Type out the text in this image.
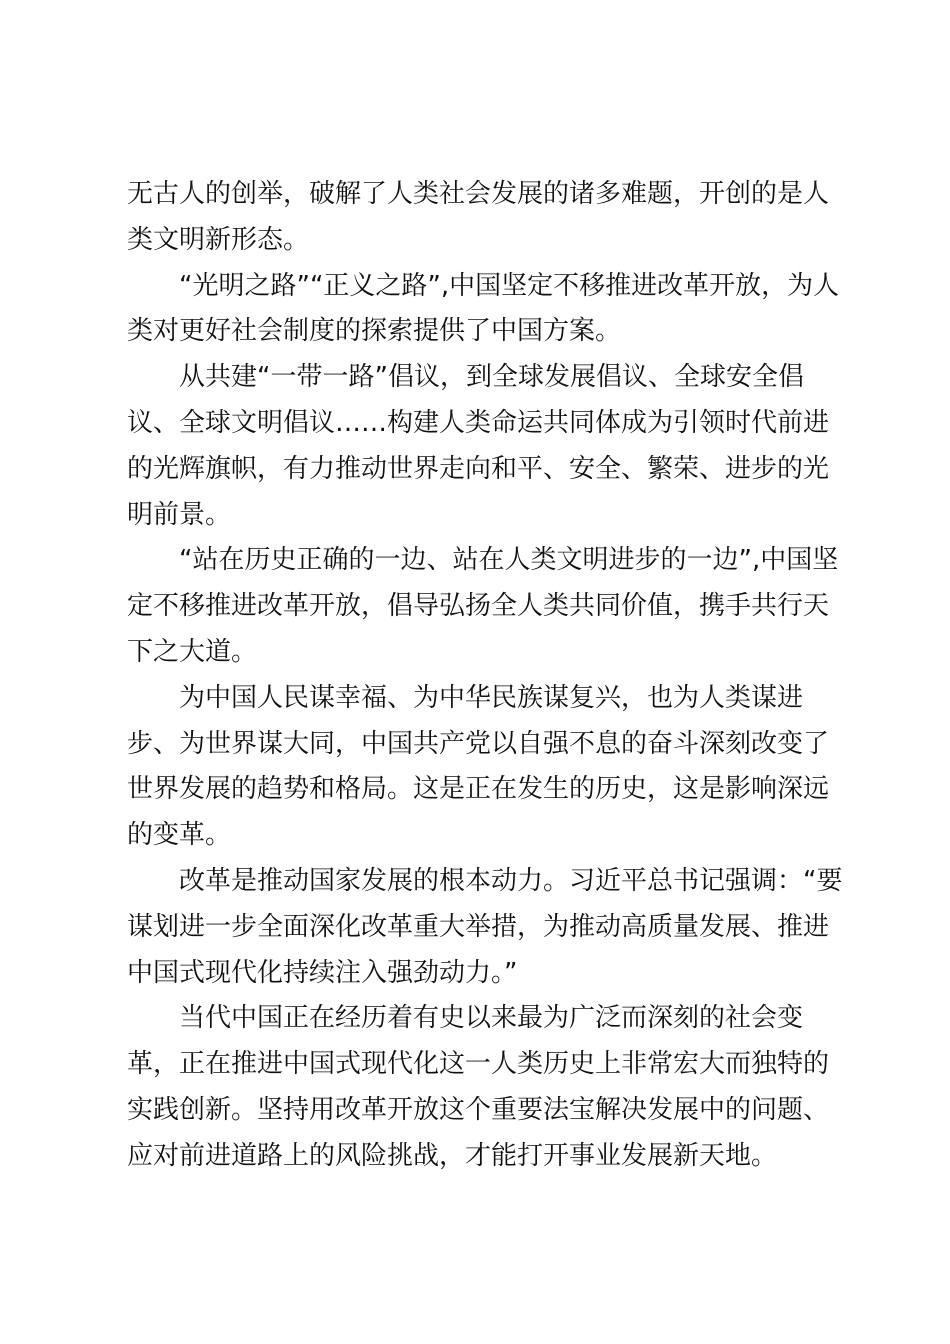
无古人的创举，破解了人类社会发展的诸多难题，开创的是人
类文明新形态。

“光明之路”“正义之路”,中国坚定不移推进改革开放，为人
类对更好社会制度的探索提供了中国方案。

从共建“一带一路”倡议，到全球发展倡议、全球安全倡
议、全球文明倡议……构建人类命运共同体成为引领时代前进
的光辉旗帜，有力推动世界走向和平、安全、繁荣、进步的光
明前景。

“站在历史正确的一边、站在人类文明进步的一边”,中国坚
定不移推进改革开放，倡导弘扬全人类共同价值，携手共行天
下之大道。

为中国人民谋幸福、为中华民族谋复兴，也为人类谋进
步、为世界谋大同，中国共产党以自强不息的奋斗深刻改变了
世界发展的趋势和格局。这是正在发生的历史，这是影响深远
的变革。

改革是推动国家发展的根本动力。习近平总书记强调：“要
谋划进一步全面深化改革重大举措，为推动高质量发展、推进
中国式现代化持续注入强劲动力。”

当代中国正在经历着有史以来最为广泛而深刻的社会变
革，正在推进中国式现代化这一人类历史上非常宏大而独特的
实践创新。坚持用改革开放这个重要法宝解决发展中的问题、
应对前进道路上的风险挑战，才能打开事业发展新天地。
